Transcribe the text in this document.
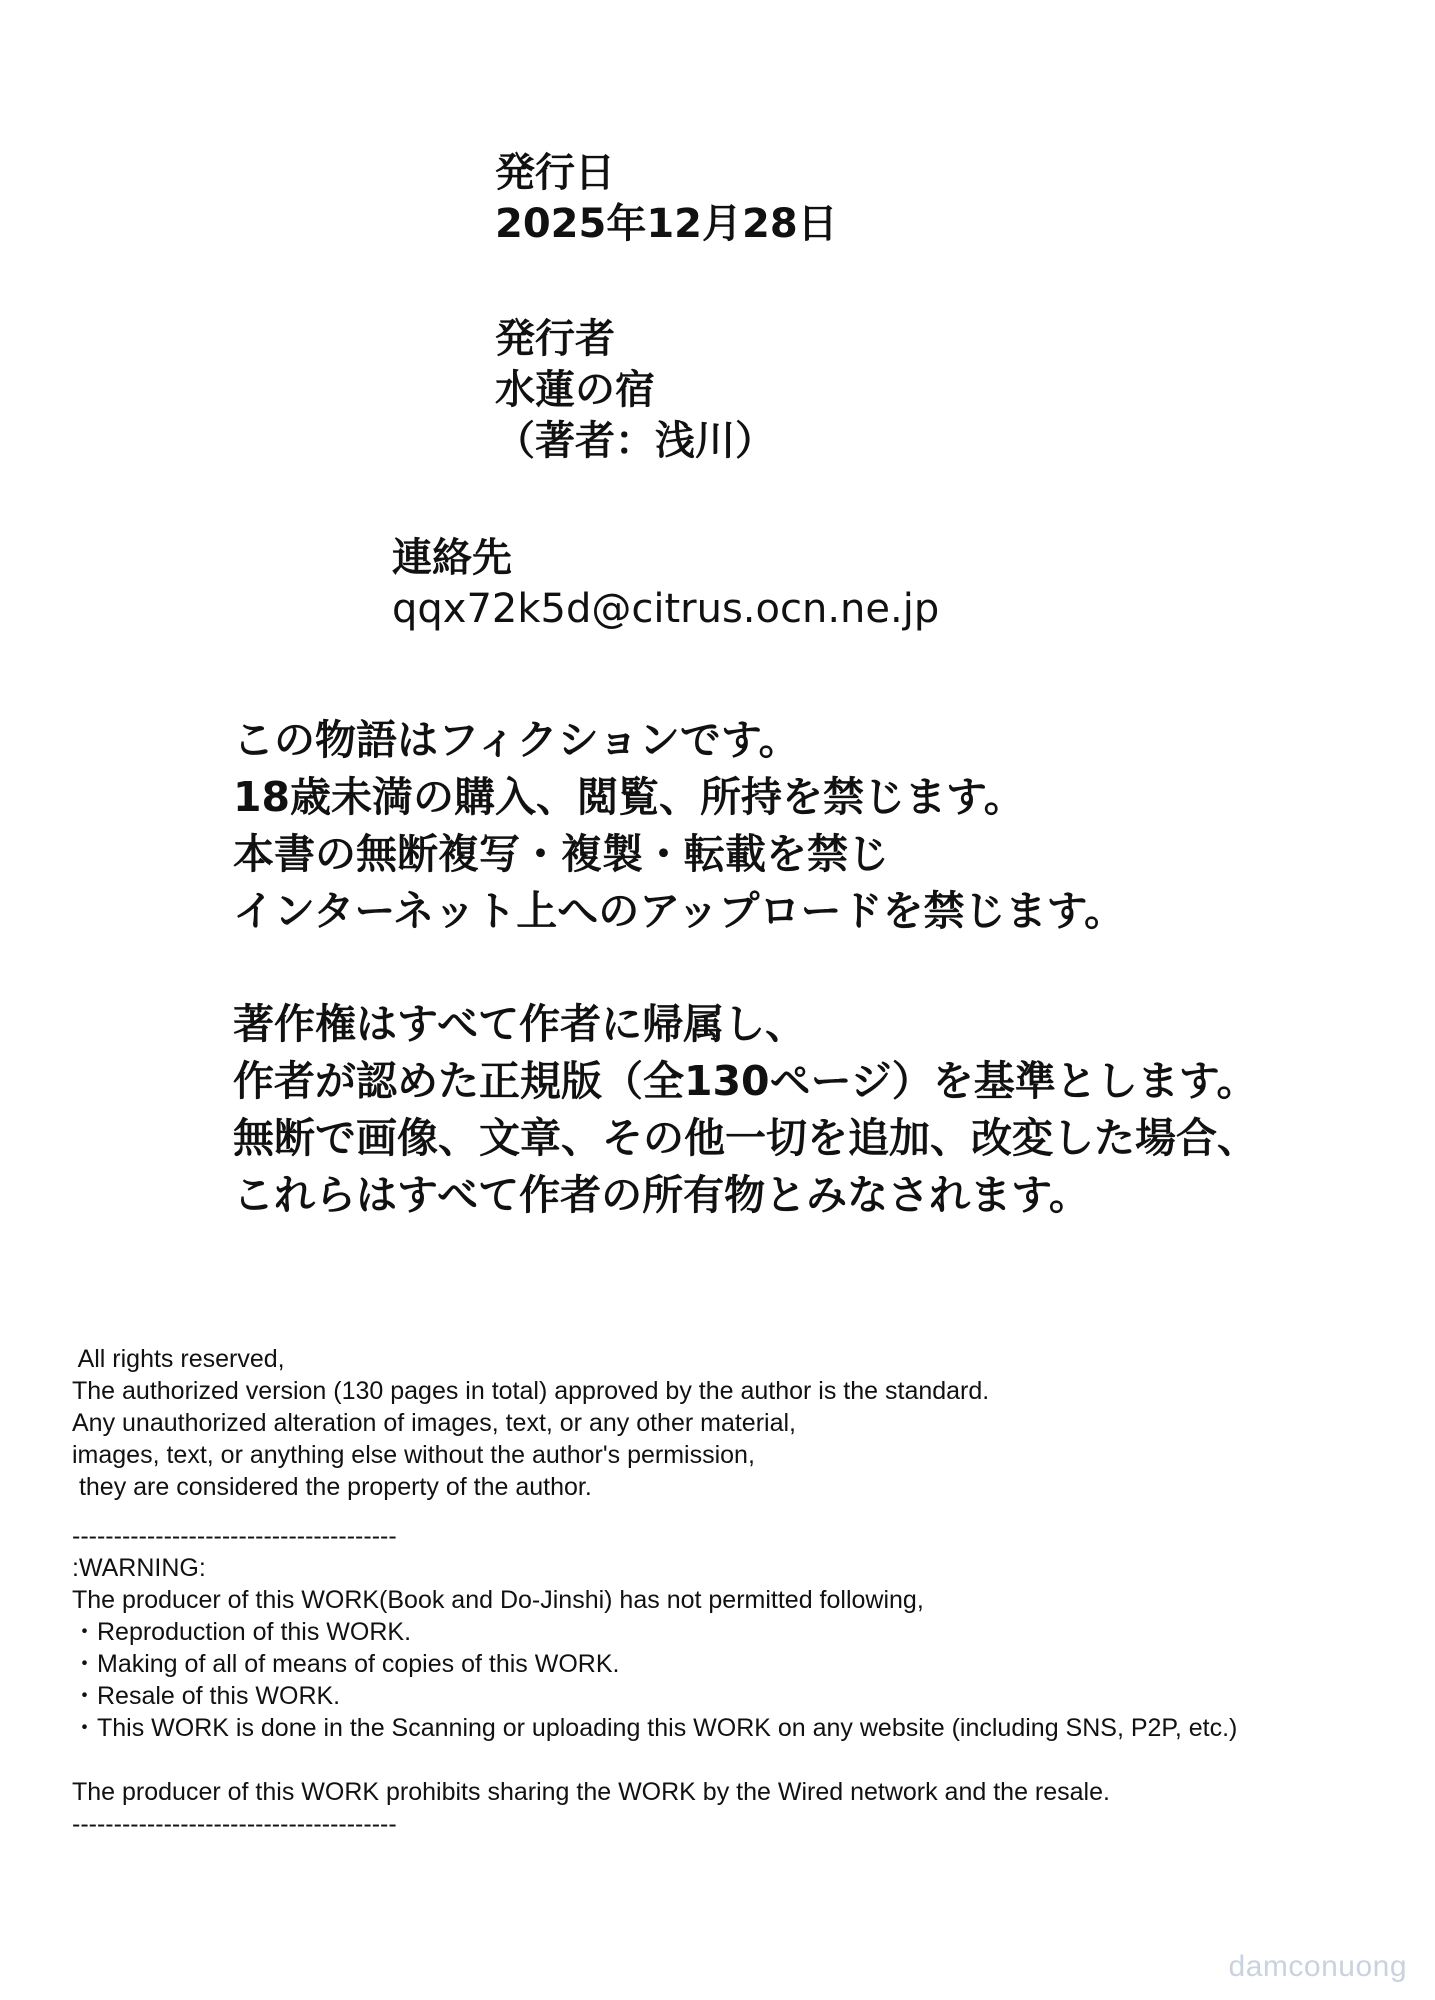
発行日
2025年12月28日
発行者
水蓮の宿
（著者：浅川）
連絡先
qqx72k5d@citrus.ocn.ne.jp
この物語はフィクションです。
18歳未満の購入、閲覧、所持を禁じます。
本書の無断複写・複製・転載を禁じ
インターネット上へのアップロードを禁じます。
著作権はすべて作者に帰属し、
作者が認めた正規版（全130ページ）を基準とします。
無断で画像、文章、その他一切を追加、改変した場合、
これらはすべて作者の所有物とみなされます。
All rights reserved,
The authorized version (130 pages in total) approved by the author is the standard.
Any unauthorized alteration of images, text, or any other material,
images, text, or anything else without the author's permission,
they are considered the property of the author.
---------------------------------------
:WARNING:
The producer of this WORK(Book and Do-Jinshi) has not permitted following,
・Reproduction of this WORK.
・Making of all of means of copies of this WORK.
・Resale of this WORK.
・This WORK is done in the Scanning or uploading this WORK on any website (including SNS, P2P, etc.)
The producer of this WORK prohibits sharing the WORK by the Wired network and the resale.
---------------------------------------
damconuong
